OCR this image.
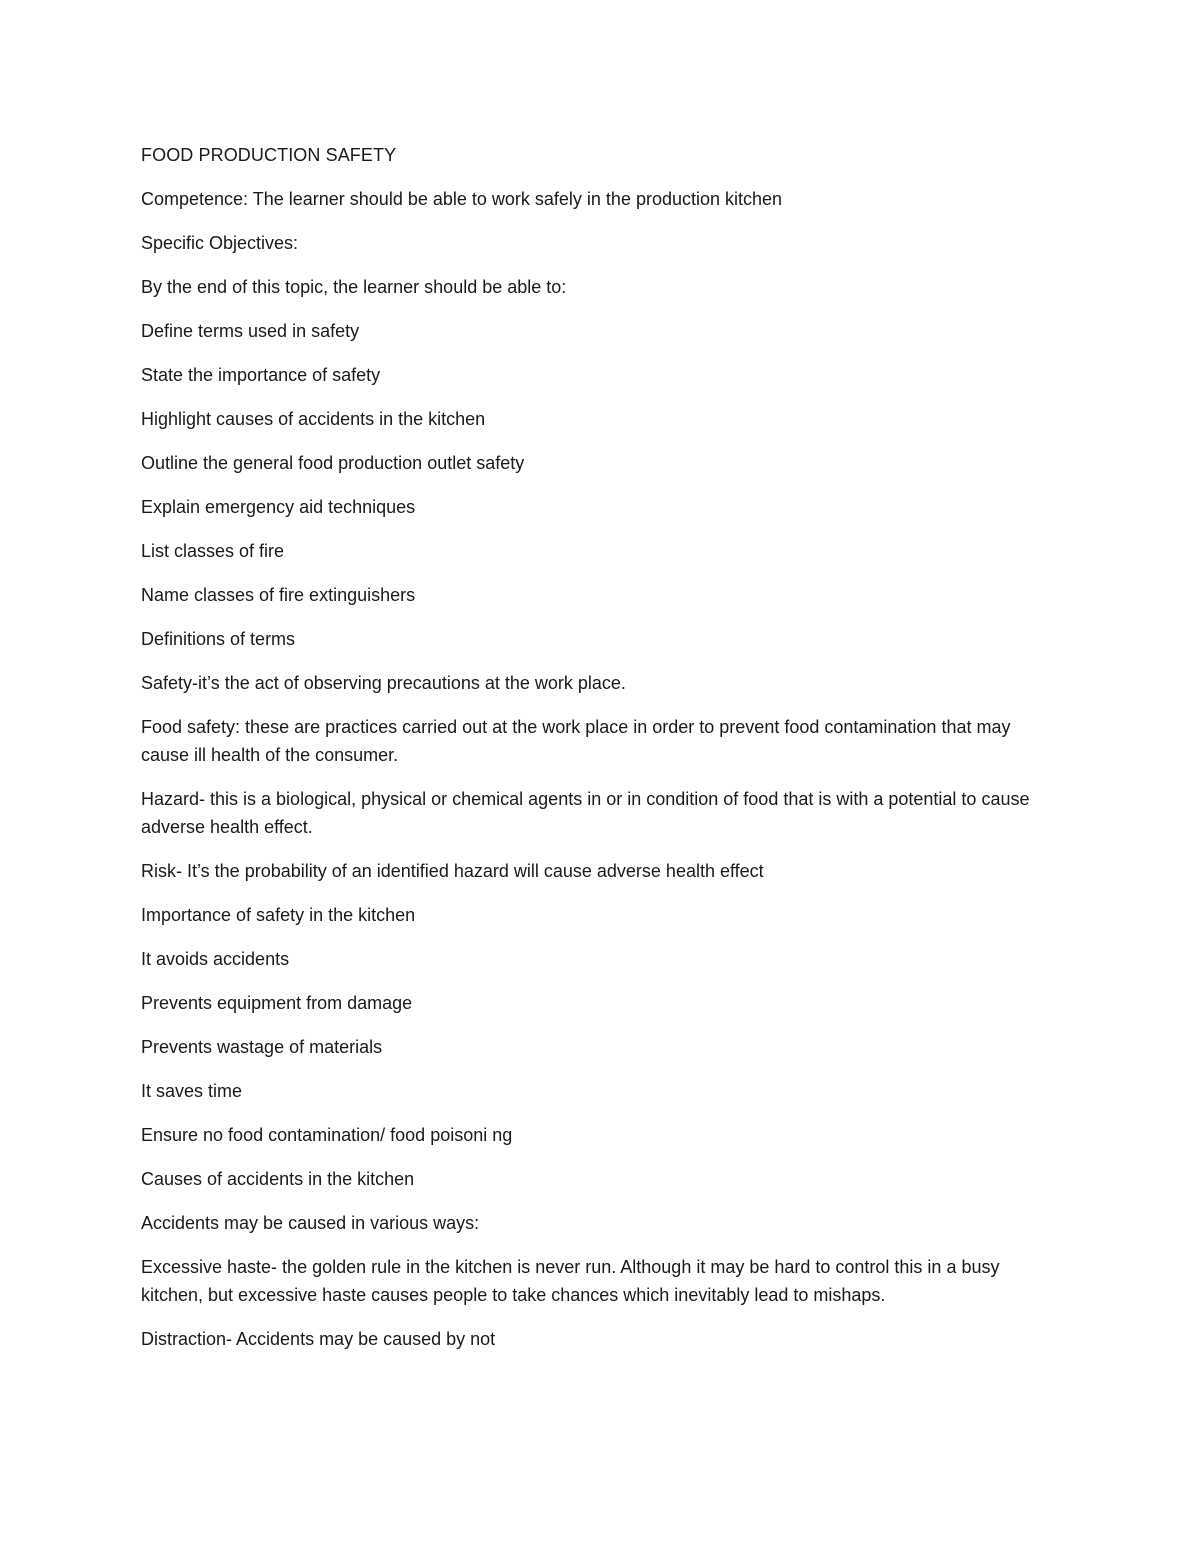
FOOD PRODUCTION SAFETY

Competence: The learner should be able to work safely in the production kitchen

Specific Objectives:

By the end of this topic, the learner should be able to:

Define terms used in safety

State the importance of safety

Highlight causes of accidents in the kitchen

Outline the general food production outlet safety

Explain emergency aid techniques

List classes of fire

Name classes of fire extinguishers

Definitions of terms

Safety-it’s the act of observing precautions at the work place.

Food safety: these are practices carried out at the work place in order to prevent food contamination that may cause ill health of the consumer.

Hazard- this is a biological, physical or chemical agents in or in condition of food that is with a potential to cause adverse health effect.

Risk- It’s the probability of an identified hazard will cause adverse health effect

Importance of safety in the kitchen

It avoids accidents

Prevents equipment from damage

Prevents wastage of materials

It saves time

Ensure no food contamination/ food poisoni ng

Causes of accidents in the kitchen

Accidents may be caused in various ways:

Excessive haste- the golden rule in the kitchen is never run. Although it may be hard to control this in a busy kitchen, but excessive haste causes people to take chances which inevitably lead to mishaps.

Distraction- Accidents may be caused by not
